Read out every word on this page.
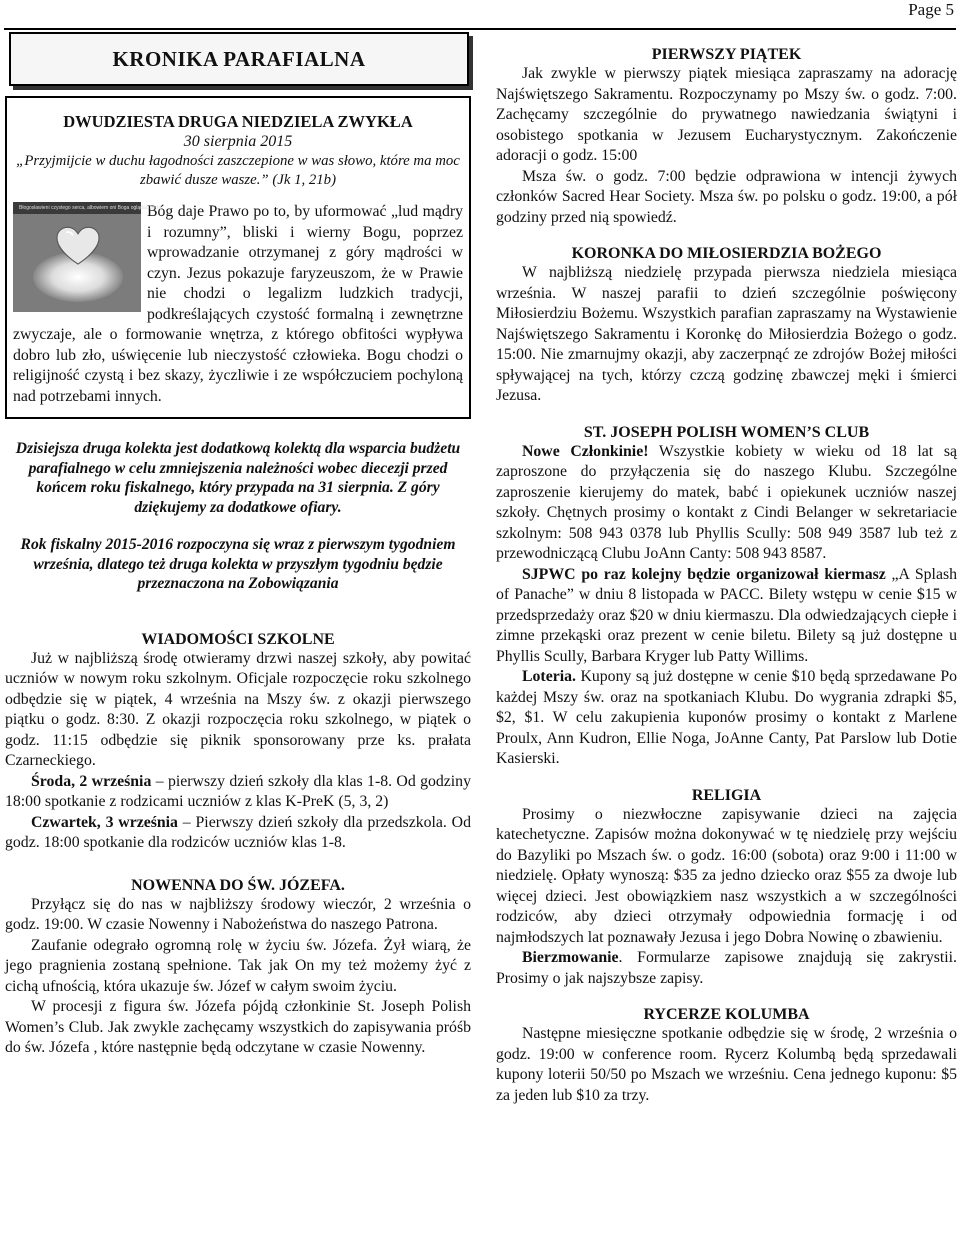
Page 5
KRONIKA PARAFIALNA
DWUDZIESTA DRUGA NIEDZIELA ZWYKŁA
30 sierpnia 2015
„Przyjmijcie w duchu łagodności zaszczepione w was słowo, które ma moc zbawić dusze wasze.” (Jk 1, 21b)
Błogosławieni czystego serca, albowiem oni Boga oglądać będą

Bóg daje Prawo po to, by uformować „lud mądry i rozumny”, bliski i wierny Bogu, poprzez wprowadzanie otrzymanej z góry mądrości w czyn. Jezus pokazuje faryzeuszom, że w Prawie nie chodzi o legalizm ludzkich tradycji, podkreślających czystość formalną i zewnętrzne zwyczaje, ale o formowanie wnętrza, z którego obfitości wypływa dobro lub zło, uświęcenie lub nieczystość człowieka. Bogu chodzi o religijność czystą i bez skazy, życzliwie i ze współczuciem pochyloną nad potrzebami innych.

Dzisiejsza druga kolekta jest dodatkową kolektą dla wsparcia budżetu parafialnego w celu zmniejszenia należności wobec diecezji przed końcem roku fiskalnego, który przypada na 31 sierpnia. Z góry dziękujemy za dodatkowe ofiary.

Rok fiskalny 2015-2016 rozpoczyna się wraz z pierwszym tygodniem września, dlatego też druga kolekta w przyszłym tygodniu będzie przeznaczona na Zobowiązania

WIADOMOŚCI SZKOLNE

Już w najbliższą środę otwieramy drzwi naszej szkoły, aby powitać uczniów w nowym roku szkolnym. Oficjale rozpoczęcie roku szkolnego odbędzie się w piątek, 4 września na Mszy św. z okazji pierwszego piątku o godz. 8:30. Z okazji rozpoczęcia roku szkolnego, w piątek o godz. 11:15 odbędzie się piknik sponsorowany prze ks. prałata Czarneckiego.

Środa, 2 września – pierwszy dzień szkoły dla klas 1-8. Od godziny 18:00 spotkanie z rodzicami uczniów z klas K-PreK (5, 3, 2)

Czwartek, 3 września – Pierwszy dzień szkoły dla przedszkola. Od godz. 18:00 spotkanie dla rodziców uczniów klas 1-8.

NOWENNA DO ŚW. JÓZEFA.

Przyłącz się do nas w najbliższy środowy wieczór, 2 września o godz. 19:00. W czasie Nowenny i Nabożeństwa do naszego Patrona.

Zaufanie odegrało ogromną rolę w życiu św. Józefa. Żył wiarą, że jego pragnienia zostaną spełnione. Tak jak On my też możemy żyć z cichą ufnością, która ukazuje św. Józef w całym swoim życiu.

W procesji z figura św. Józefa pójdą członkinie St. Joseph Polish Women’s Club. Jak zwykle zachęcamy wszystkich do zapisywania próśb do św. Józefa , które następnie będą odczytane w czasie Nowenny.

PIERWSZY PIĄTEK

Jak zwykle w pierwszy piątek miesiąca zapraszamy na adorację Najświętszego Sakramentu. Rozpoczynamy po Mszy św. o godz. 7:00. Zachęcamy szczególnie do prywatnego nawiedzania świątyni i osobistego spotkania w Jezusem Eucharystycznym. Zakończenie adoracji o godz. 15:00

Msza św. o godz. 7:00 będzie odprawiona w intencji żywych członków Sacred Hear Society. Msza św. po polsku o godz. 19:00, a pół godziny przed nią spowiedź.

KORONKA DO MIŁOSIERDZIA BOŻEGO

W najbliższą niedzielę przypada pierwsza niedziela miesiąca września. W naszej parafii to dzień szczególnie poświęcony Miłosierdziu Bożemu. Wszystkich parafian zapraszamy na Wystawienie Najświętszego Sakramentu i Koronkę do Miłosierdzia Bożego o godz. 15:00. Nie zmarnujmy okazji, aby zaczerpnąć ze zdrojów Bożej miłości spływającej na tych, którzy czczą godzinę zbawczej męki i śmierci Jezusa.

ST. JOSEPH POLISH WOMEN’S CLUB

Nowe Członkinie! Wszystkie kobiety w wieku od 18 lat są zaproszone do przyłączenia się do naszego Klubu. Szczególne zaproszenie kierujemy do matek, babć i opiekunek uczniów naszej szkoły. Chętnych prosimy o kontakt z Cindi Belanger w sekretariacie szkolnym: 508 943 0378 lub Phyllis Scully: 508 949 3587 lub też z przewodniczącą Clubu JoAnn Canty: 508 943 8587.

SJPWC po raz kolejny będzie organizował kiermasz „A Splash of Panache” w dniu 8 listopada w PACC. Bilety wstępu w cenie $15 w przedsprzedaży oraz $20 w dniu kiermaszu. Dla odwiedzających ciepłe i zimne przekąski oraz prezent w cenie biletu. Bilety są już dostępne u Phyllis Scully, Barbara Kryger lub Patty Willims.

Loteria. Kupony są już dostępne w cenie $10 będą sprzedawane Po każdej Mszy św. oraz na spotkaniach Klubu. Do wygrania zdrapki $5, $2, $1. W celu zakupienia kuponów prosimy o kontakt z Marlene Proulx, Ann Kudron, Ellie Noga, JoAnne Canty, Pat Parslow lub Dotie Kasierski.

RELIGIA

Prosimy o niezwłoczne zapisywanie dzieci na zajęcia katechetyczne. Zapisów można dokonywać w tę niedzielę przy wejściu do Bazyliki po Mszach św. o godz. 16:00 (sobota) oraz 9:00 i 11:00 w niedzielę. Opłaty wynoszą: $35 za jedno dziecko oraz $55 za dwoje lub więcej dzieci. Jest obowiązkiem nasz wszystkich a w szczególności rodziców, aby dzieci otrzymały odpowiednia formację i od najmłodszych lat poznawały Jezusa i jego Dobra Nowinę o zbawieniu.

Bierzmowanie. Formularze zapisowe znajdują się zakrystii. Prosimy o jak najszybsze zapisy.

RYCERZE KOLUMBA

Następne miesięczne spotkanie odbędzie się w środę, 2 września o godz. 19:00 w conference room. Rycerz Kolumbą będą sprzedawali kupony loterii 50/50 po Mszach we wrześniu. Cena jednego kuponu: $5 za jeden lub $10 za trzy.
